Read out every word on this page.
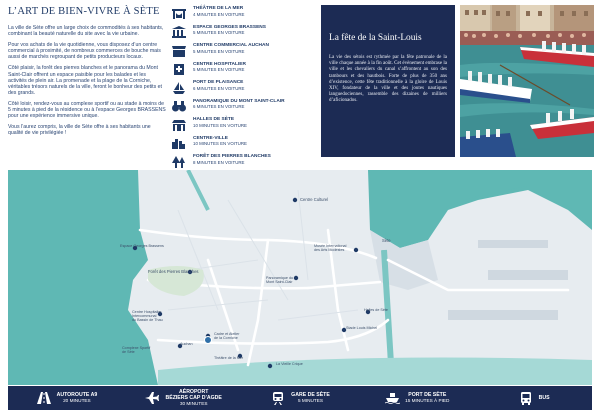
L’ART DE BIEN-VIVRE À SÈTE

La ville de Sète offre un large choix de commodités à ses habitants, combinant la beauté naturelle du site avec la vie urbaine.

Pour vos achats de la vie quotidienne, vous disposez d’un centre commercial à proximité, de nombreux commerces de bouche mais aussi de marchés regroupant de petits producteurs locaux.

Côté plaisir, la forêt des pierres blanches et le panorama du Mont Saint-Clair offrent un espace paisible pour les balades et les activités de plein air. La promenade et la plage de la Corniche, véritables trésors naturels de la ville, feront le bonheur des petits et des grands.

Côté loisir, rendez-vous au complexe sportif ou au stade à moins de 5 minutes à pied de la résidence ou à l’espace Georges BRASSENS pour une expérience immersive unique.

Vous l’aurez compris, la ville de Sète offre à ses habitants une qualité de vie privilégiée !

THÉÂTRE DE LA MER
4 MINUTES EN VOITURE
ESPACE GEORGES BRASSENS
5 MINUTES EN VOITURE
CENTRE COMMERCIAL AUCHAN
5 MINUTES EN VOITURE
CENTRE HOSPITALIER
5 MINUTES EN VOITURE
PORT DE PLAISANCE
6 MINUTES EN VOITURE
PANORAMIQUE DU MONT SAINT-CLAIR
6 MINUTES EN VOITURE
HALLES DE SÈTE
10 MINUTES EN VOITURE
CENTRE-VILLE
10 MINUTES EN VOITURE
FORÊT DES PIERRES BLANCHES
8 MINUTES EN VOITURE
La fête de la Saint-Louis

La vie des sétois est rythmée par la fête patronale de la ville chaque année à la fin août. Cet évènement embrase la ville et les chevaliers du canal s’affrontent au son des tambours et des hautbois. Forte de plus de 350 ans d’existence, cette fête traditionnelle à la gloire de Louis XIV, fondateur de la ville et des joutes nautiques languedociennes, rassemble des dizaines de milliers d’aficionados.

Centre Culturel
Sète
Musée International
des Arts Modestes
Espace Georges Brassens
Forêt des Pierres Blanches
Panoramique du
Mont Saint-Clair
Halles de Sète
Centre Hospitalier
Intercommunal
du Bassin de Thau
Stade Louis Michel
Auchan
La Vieille Crique
Théâtre de la Mer
Cadre et Atelier
de la Corniche
Complexe Sportif
de Sète
AUTOROUTE A9
20 MINUTES
AÉROPORT
BÉZIERS CAP D’AGDE
30 MINUTES
GARE DE SÈTE
5 MINUTES
PORT DE SÈTE
15 MINUTES À PIED	BUS
